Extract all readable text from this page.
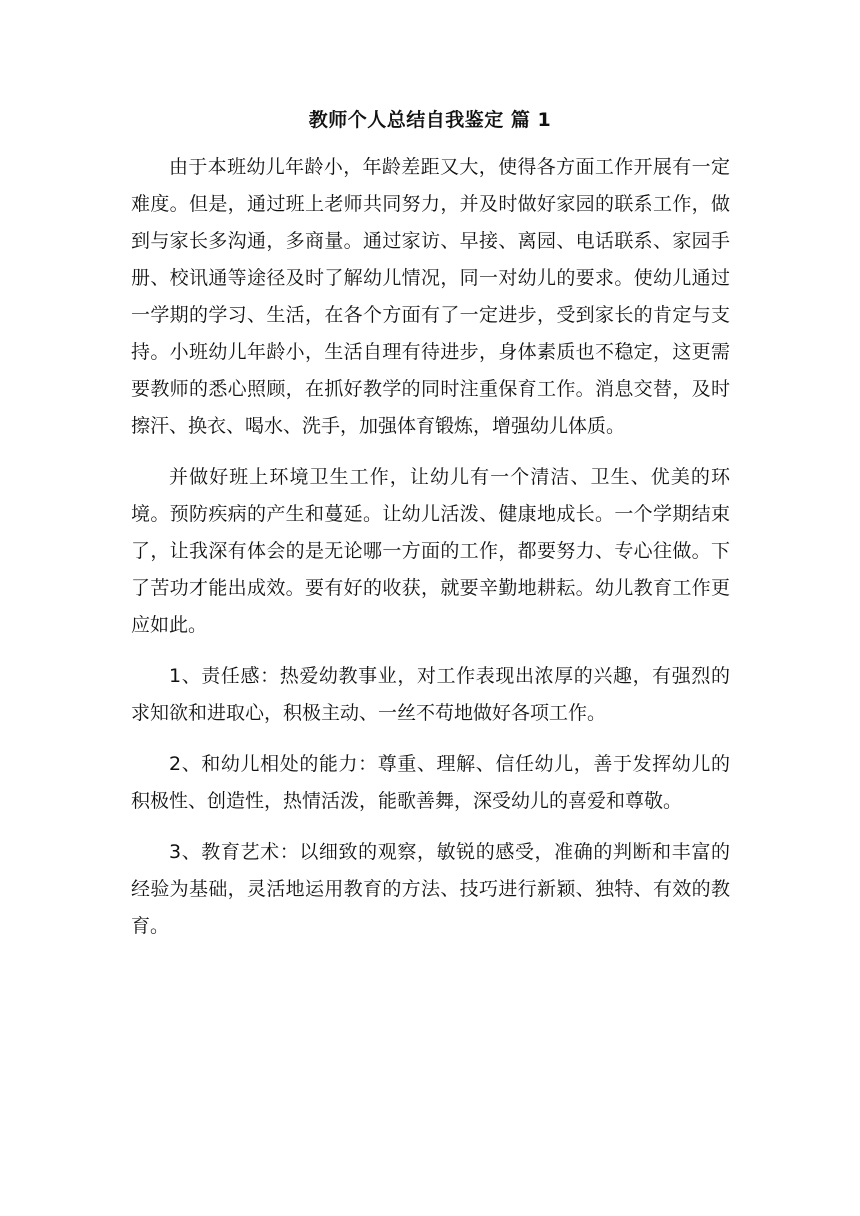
教师个人总结自我鉴定 篇 1

由于本班幼儿年龄小，年龄差距又大，使得各方面工作开展有一定难度。但是，通过班上老师共同努力，并及时做好家园的联系工作，做到与家长多沟通，多商量。通过家访、早接、离园、电话联系、家园手册、校讯通等途径及时了解幼儿情况，同一对幼儿的要求。使幼儿通过一学期的学习、生活，在各个方面有了一定进步，受到家长的肯定与支持。小班幼儿年龄小，生活自理有待进步，身体素质也不稳定，这更需要教师的悉心照顾，在抓好教学的同时注重保育工作。消息交替，及时擦汗、换衣、喝水、洗手，加强体育锻炼，增强幼儿体质。

并做好班上环境卫生工作，让幼儿有一个清洁、卫生、优美的环境。预防疾病的产生和蔓延。让幼儿活泼、健康地成长。一个学期结束了，让我深有体会的是无论哪一方面的工作，都要努力、专心往做。下了苦功才能出成效。要有好的收获，就要辛勤地耕耘。幼儿教育工作更应如此。

1、责任感：热爱幼教事业，对工作表现出浓厚的兴趣，有强烈的求知欲和进取心，积极主动、一丝不苟地做好各项工作。

2、和幼儿相处的能力：尊重、理解、信任幼儿，善于发挥幼儿的积极性、创造性，热情活泼，能歌善舞，深受幼儿的喜爱和尊敬。

3、教育艺术：以细致的观察，敏锐的感受，准确的判断和丰富的经验为基础，灵活地运用教育的方法、技巧进行新颖、独特、有效的教育。
